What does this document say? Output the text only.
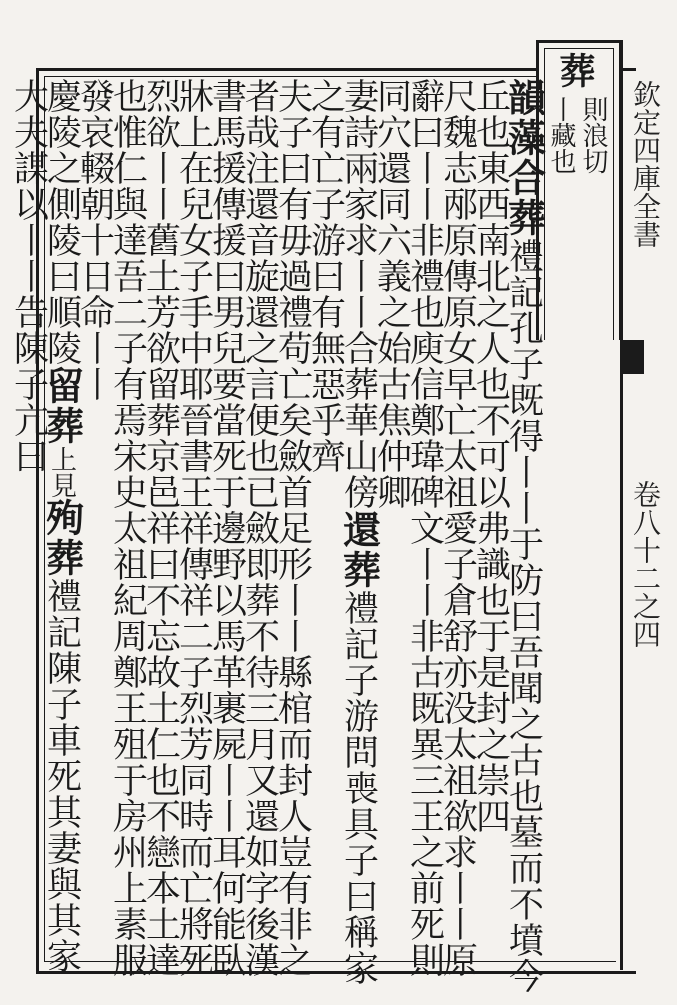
葬
則浪切
丨藏也 欽定四庫全書
卷八十二之四
韻藻
合葬
禮記孔子既得丨丨于防曰吾聞之古也墓而不墳今
丘也東西南北之人也不可以弗識也于是封之崇四
尺魏志邴原傳原女早亡太祖愛子倉舒亦没太祖欲求丨丨原
辭曰丨丨非禮也庾信鄭瑋碑文丨丨非古既異三王之前死則
同穴還同六義之始古焦仲卿
妻詩兩家求丨丨合葬華山傍
還葬
禮記子游問喪具子曰稱家
之有亡子游曰有無惡乎齊
夫子曰有毋過禮苟亡矣斂首足形丨丨縣棺而封人豈有非之
者哉注還音旋還之言便也已斂即葬不待三月又還如字後漢
書馬援傳援曰男兒要當死于邊野以馬革裹屍丨丨耳何能臥
牀上在兒女子手中耶晉書王祥傳祥二子烈芳同時而亡將死
烈欲丨丨舊土芳欲留葬京邑祥曰不忘故土仁也不戀本土達
也惟仁與達吾二子有焉宋史太祖紀周鄭王殂于房州上素服
發哀輟朝十日命丨丨
慶陵之側陵曰順陵
留葬
上見
殉葬
禮記陳子車死其妻與其家
大夫謀以丨丨告陳子亢曰
